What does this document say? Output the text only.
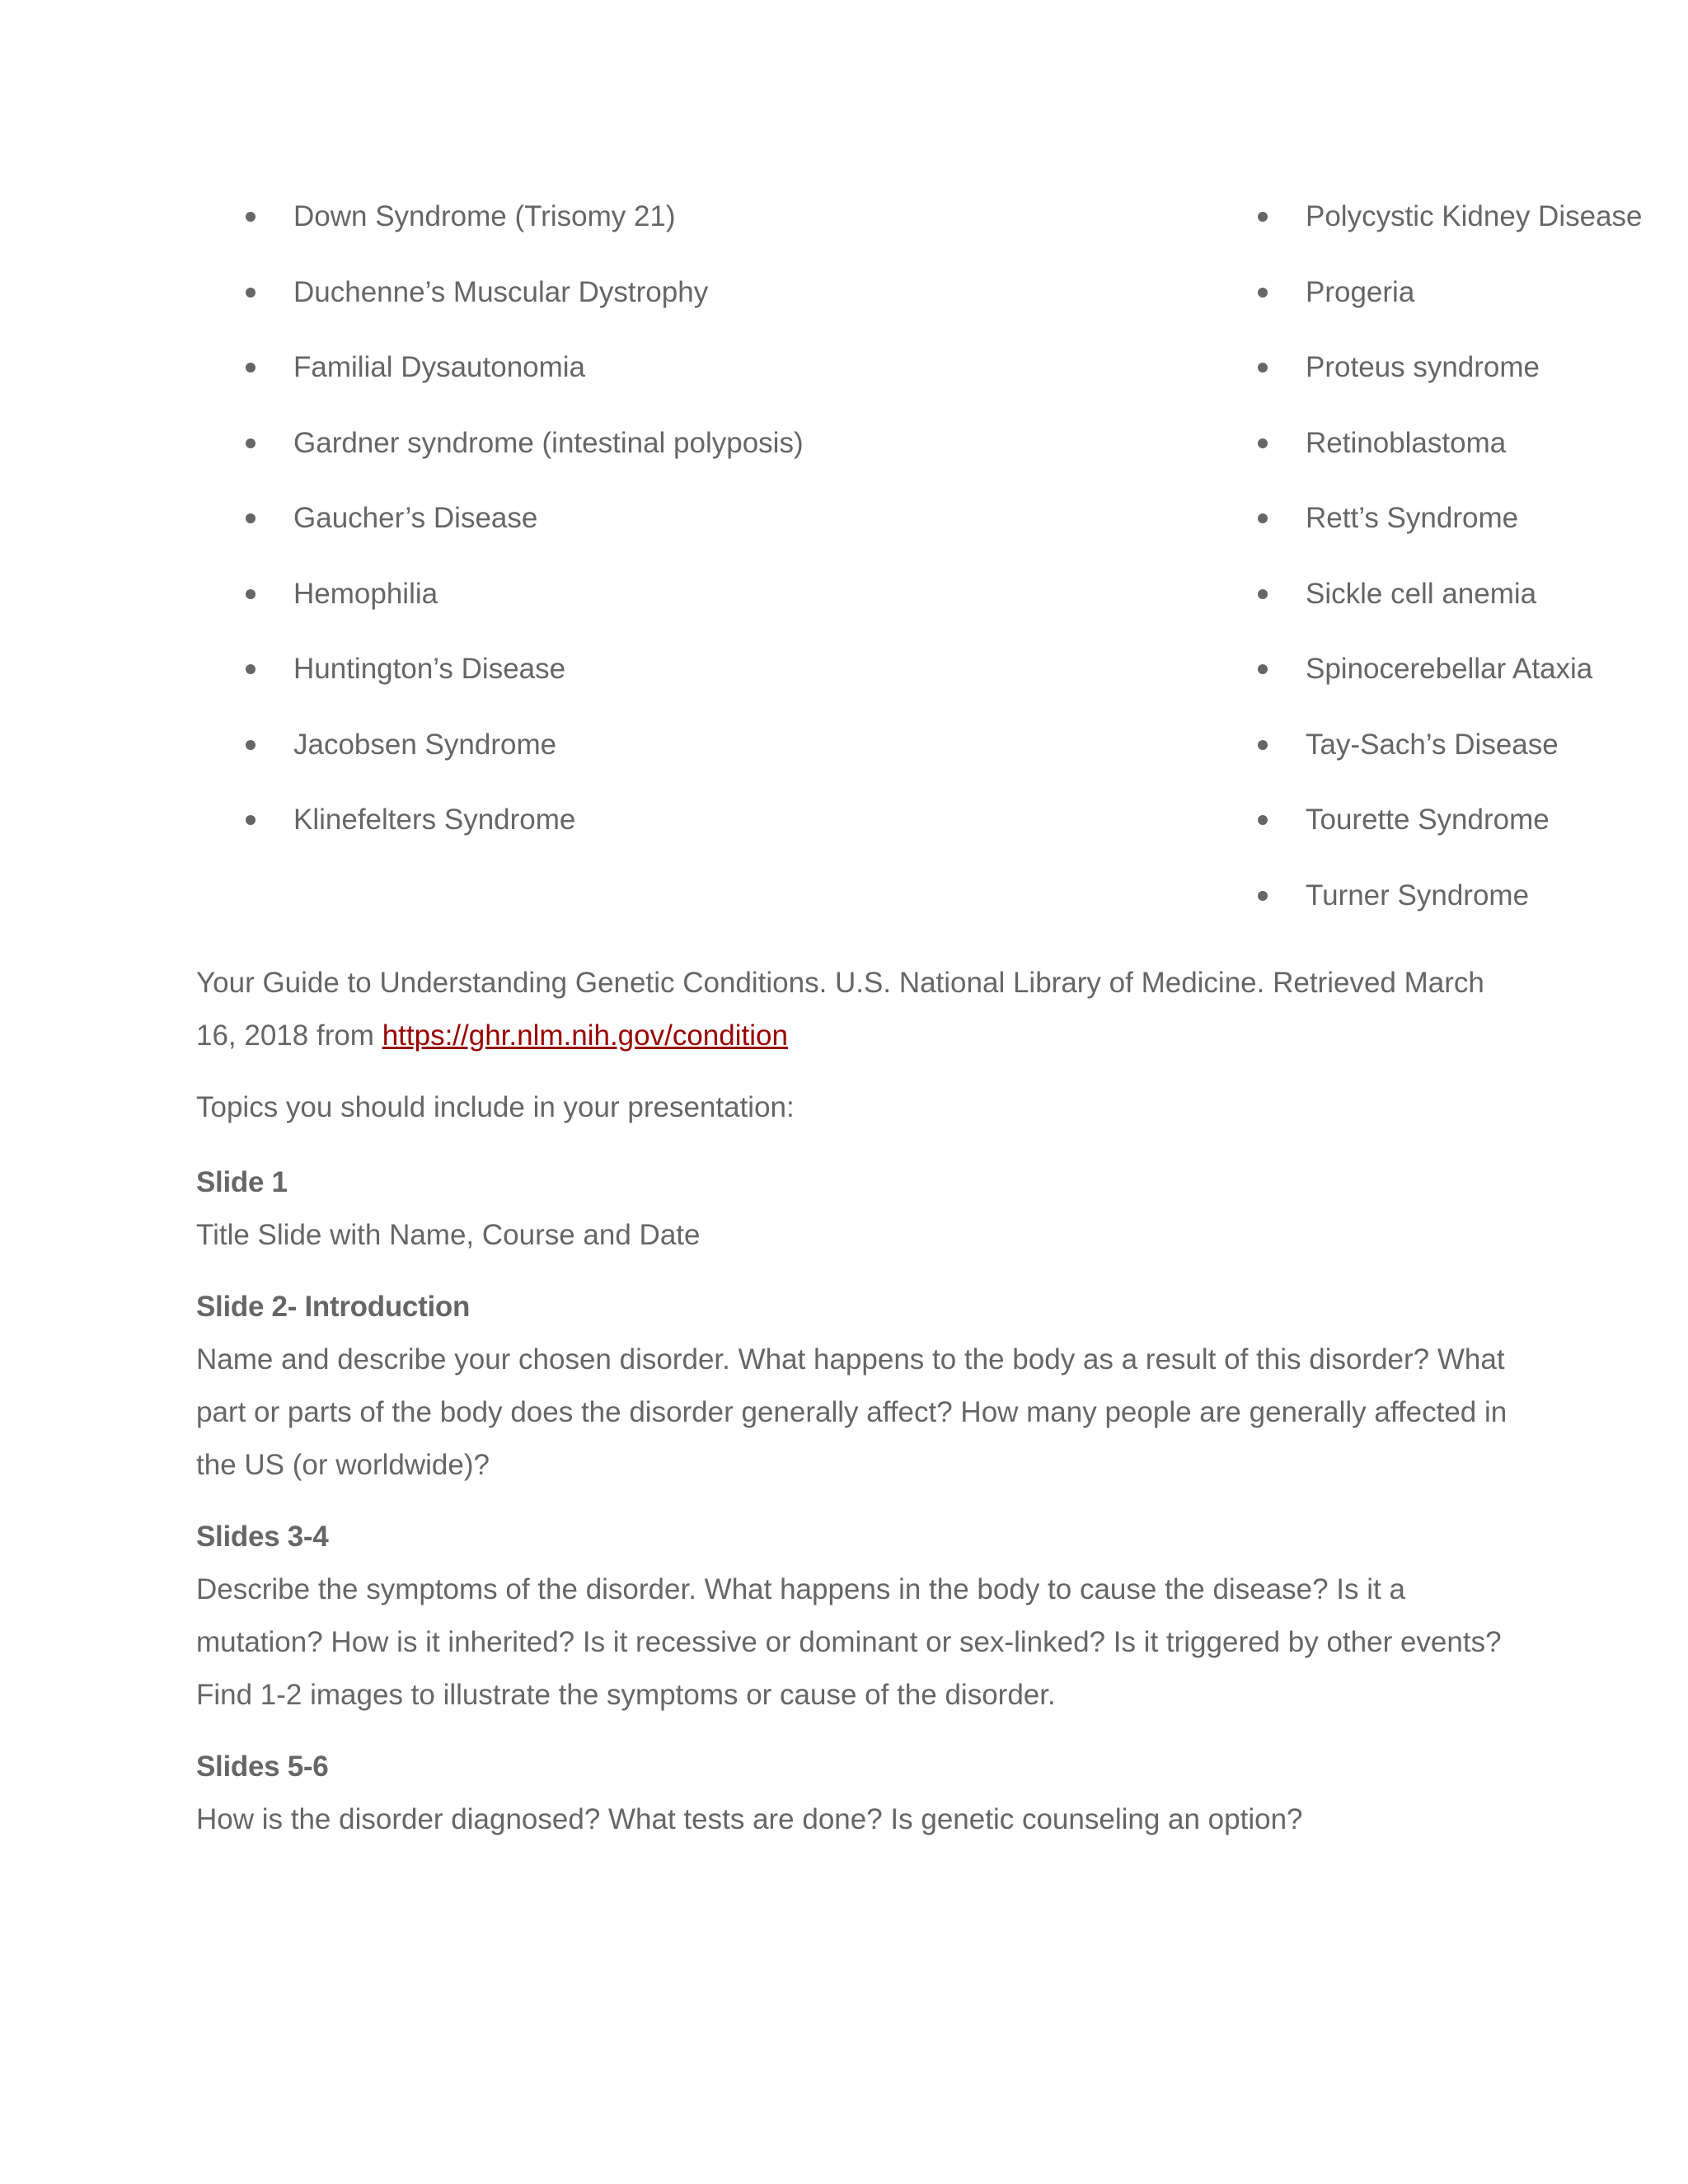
Down Syndrome (Trisomy 21)
Duchenne’s Muscular Dystrophy
Familial Dysautonomia
Gardner syndrome (intestinal polyposis)
Gaucher’s Disease
Hemophilia
Huntington’s Disease
Jacobsen Syndrome
Klinefelters Syndrome
Polycystic Kidney Disease
Progeria
Proteus syndrome
Retinoblastoma
Rett’s Syndrome
Sickle cell anemia
Spinocerebellar Ataxia
Tay-Sach’s Disease
Tourette Syndrome
Turner Syndrome

Your Guide to Understanding Genetic Conditions. U.S. National Library of Medicine. Retrieved March 16, 2018 from https://ghr.nlm.nih.gov/condition

Topics you should include in your presentation:

Slide 1

Title Slide with Name, Course and Date

Slide 2- Introduction

Name and describe your chosen disorder. What happens to the body as a result of this disorder? What part or parts of the body does the disorder generally affect? How many people are generally affected in the US (or worldwide)?

Slides 3-4

Describe the symptoms of the disorder. What happens in the body to cause the disease? Is it a mutation? How is it inherited? Is it recessive or dominant or sex-linked? Is it triggered by other events? Find 1-2 images to illustrate the symptoms or cause of the disorder.

Slides 5-6

How is the disorder diagnosed? What tests are done? Is genetic counseling an option?
